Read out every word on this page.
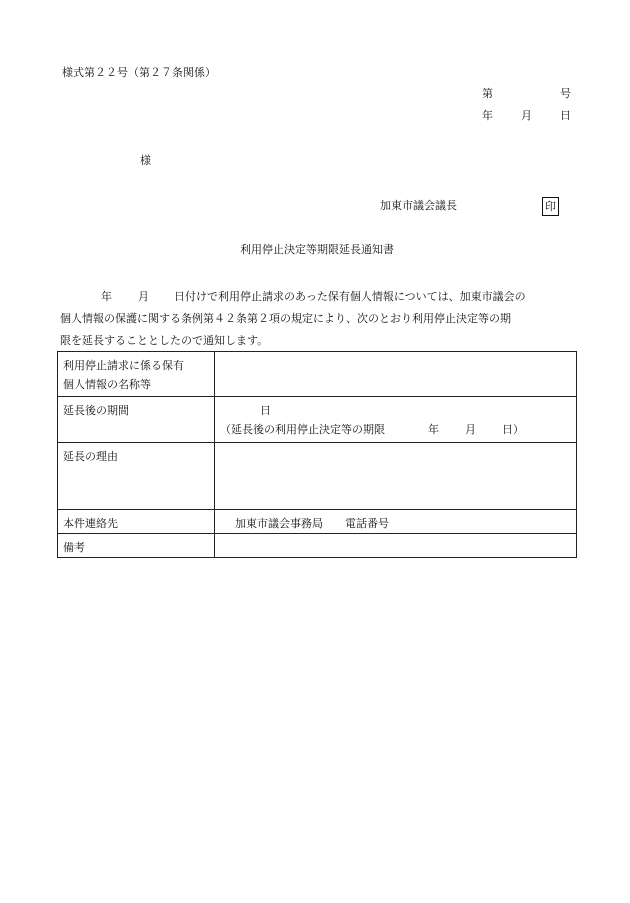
様式第２２号（第２７条関係）
第	号
年	月	日
様
加東市議会議長	印
利用停止決定等期限延長通知書

年 月 日付けで利用停止請求のあった保有個人情報については、加東市議会の

個人情報の保護に関する条例第４２条第２項の規定により、次のとおり利用停止決定等の期

限を延長することとしたので通知します。

利用停止請求に係る保有
個人情報の名称等	

延長後の期間	日
（延長後の利用停止決定等の期限 年 月 日）

延長の理由	
本件連絡先	加東市議会事務局 電話番号
備考	
